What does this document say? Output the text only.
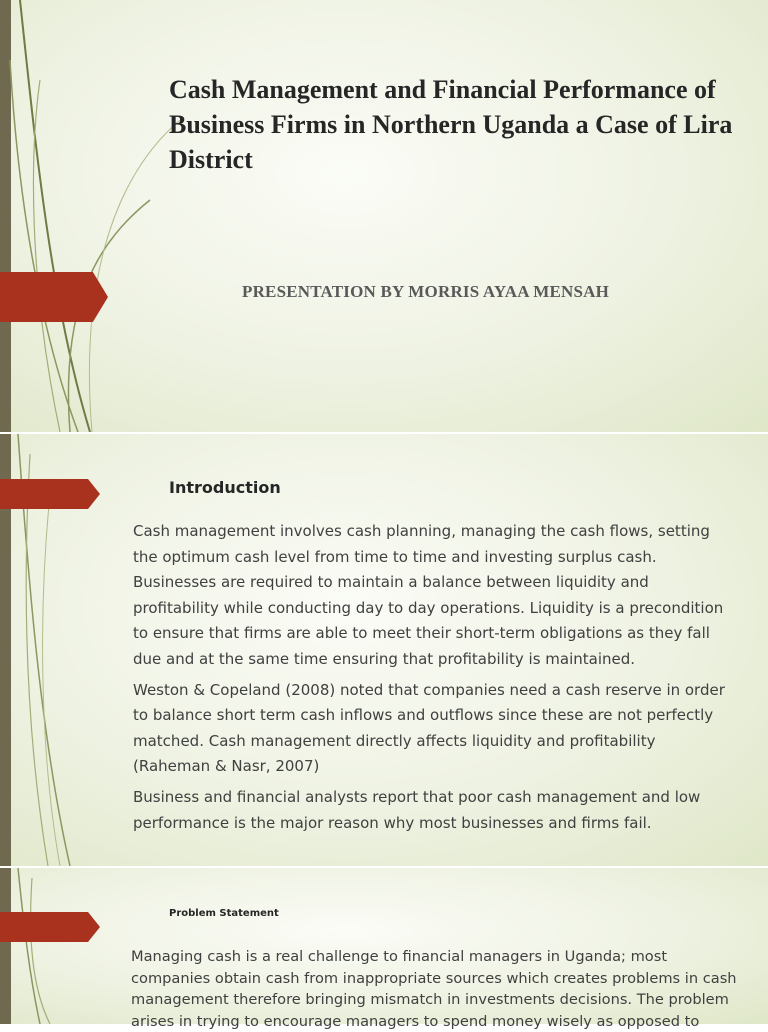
Cash Management and Financial Performance of Business Firms in Northern Uganda a Case of Lira District

PRESENTATION BY MORRIS AYAA MENSAH

Introduction
Cash management involves cash planning, managing the cash flows, setting the optimum cash level from time to time and investing surplus cash. Businesses are required to maintain a balance between liquidity and profitability while conducting day to day operations. Liquidity is a precondition to ensure that firms are able to meet their short-term obligations as they fall due and at the same time ensuring that profitability is maintained.
Weston & Copeland (2008) noted that companies need a cash reserve in order to balance short term cash inflows and outflows since these are not perfectly matched. Cash management directly affects liquidity and profitability (Raheman & Nasr, 2007)
Business and financial analysts report that poor cash management and low performance is the major reason why most businesses and firms fail.
Problem Statement

Managing cash is a real challenge to financial managers in Uganda; most companies obtain cash from inappropriate sources which creates problems in cash management therefore bringing mismatch in investments decisions. The problem arises in trying to encourage managers to spend money wisely as opposed to
